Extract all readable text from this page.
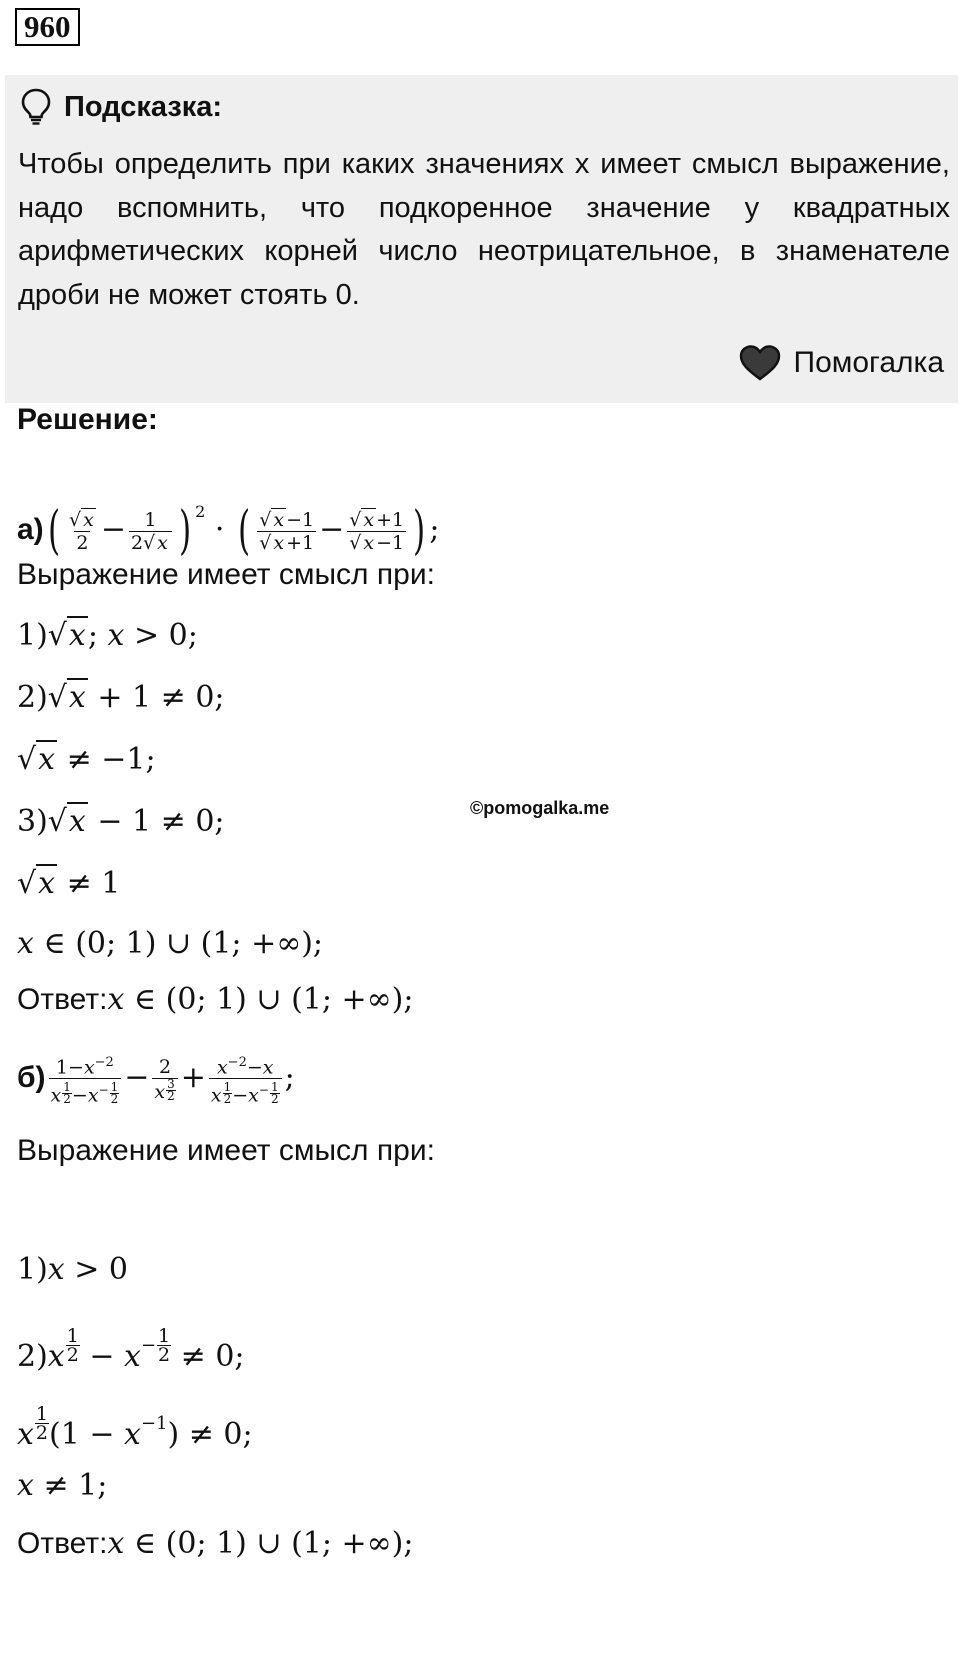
960
Подсказка:
Чтобы определить при каких значениях x имеет смысл выражение, надо вспомнить, что подкоренное значение у квадратных арифметических корней число неотрицательное, в знаменателе дроби не может стоять 0.
Помогалка
Решение:
$а)( \frac{√ x}{2} - \frac{1}{2√ x}$ ) $^2$ · ( $\frac{√ x -1}{√ x +1} - \frac{√ x +1}{√ x -1}$ ) ;
Выражение имеет смысл при:
1)√x; x > 0;
2)√x + 1 ≠ 0;
√x ≠ −1;
3)√x − 1 ≠ 0;
√x ≠ 1
x ∈ (0; 1) ∪ (1; +∞);
Ответ:x ∈ (0; 1) ∪ (1; +∞);
©pomogalka.me
$б) \frac{1-x^{-2}}{x \frac{1}{2} -x^- \frac{1}{2}} - \frac{2}{x \frac{3}{2}} + \frac{x^{-2}-x}{x \frac{1}{2} -x^- \frac{1}{2}}$ ;
Выражение имеет смысл при:
1)x > 0
$2)x \frac{1}{2} - x^- \frac{1}{2} \ne 0$;
x $\frac{1}{2} (1 - x^{-1}) \ne 0$;
x ≠ 1;
Ответ:x ∈ (0; 1) ∪ (1; +∞);
